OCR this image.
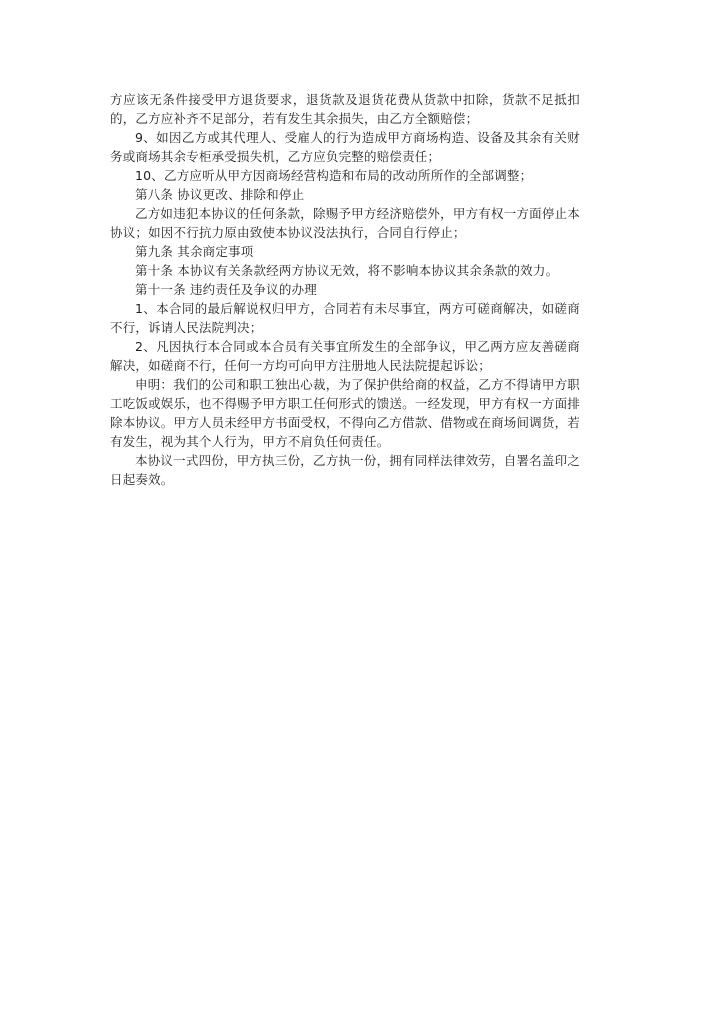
方应该无条件接受甲方退货要求，退货款及退货花费从货款中扣除，货款不足抵扣的，乙方应补齐不足部分，若有发生其余损失，由乙方全额赔偿；

9、如因乙方或其代理人、受雇人的行为造成甲方商场构造、设备及其余有关财务或商场其余专柜承受损失机，乙方应负完整的赔偿责任；

10、乙方应听从甲方因商场经营构造和布局的改动所所作的全部调整；

第八条 协议更改、排除和停止

乙方如违犯本协议的任何条款，除赐予甲方经济赔偿外，甲方有权一方面停止本协议；如因不行抗力原由致使本协议没法执行，合同自行停止；

第九条 其余商定事项

第十条 本协议有关条款经两方协议无效，将不影响本协议其余条款的效力。

第十一条 违约责任及争议的办理

1、本合同的最后解说权归甲方，合同若有未尽事宜，两方可磋商解决，如磋商不行，诉请人民法院判决；

2、凡因执行本合同或本合员有关事宜所发生的全部争议，甲乙两方应友善磋商解决，如磋商不行，任何一方均可向甲方注册地人民法院提起诉讼；

申明：我们的公司和职工独出心裁，为了保护供给商的权益，乙方不得请甲方职工吃饭或娱乐，也不得赐予甲方职工任何形式的馈送。一经发现，甲方有权一方面排除本协议。甲方人员未经甲方书面受权，不得向乙方借款、借物或在商场间调货，若有发生，视为其个人行为，甲方不肩负任何责任。

本协议一式四份，甲方执三份，乙方执一份，拥有同样法律效劳，自署名盖印之日起奏效。
